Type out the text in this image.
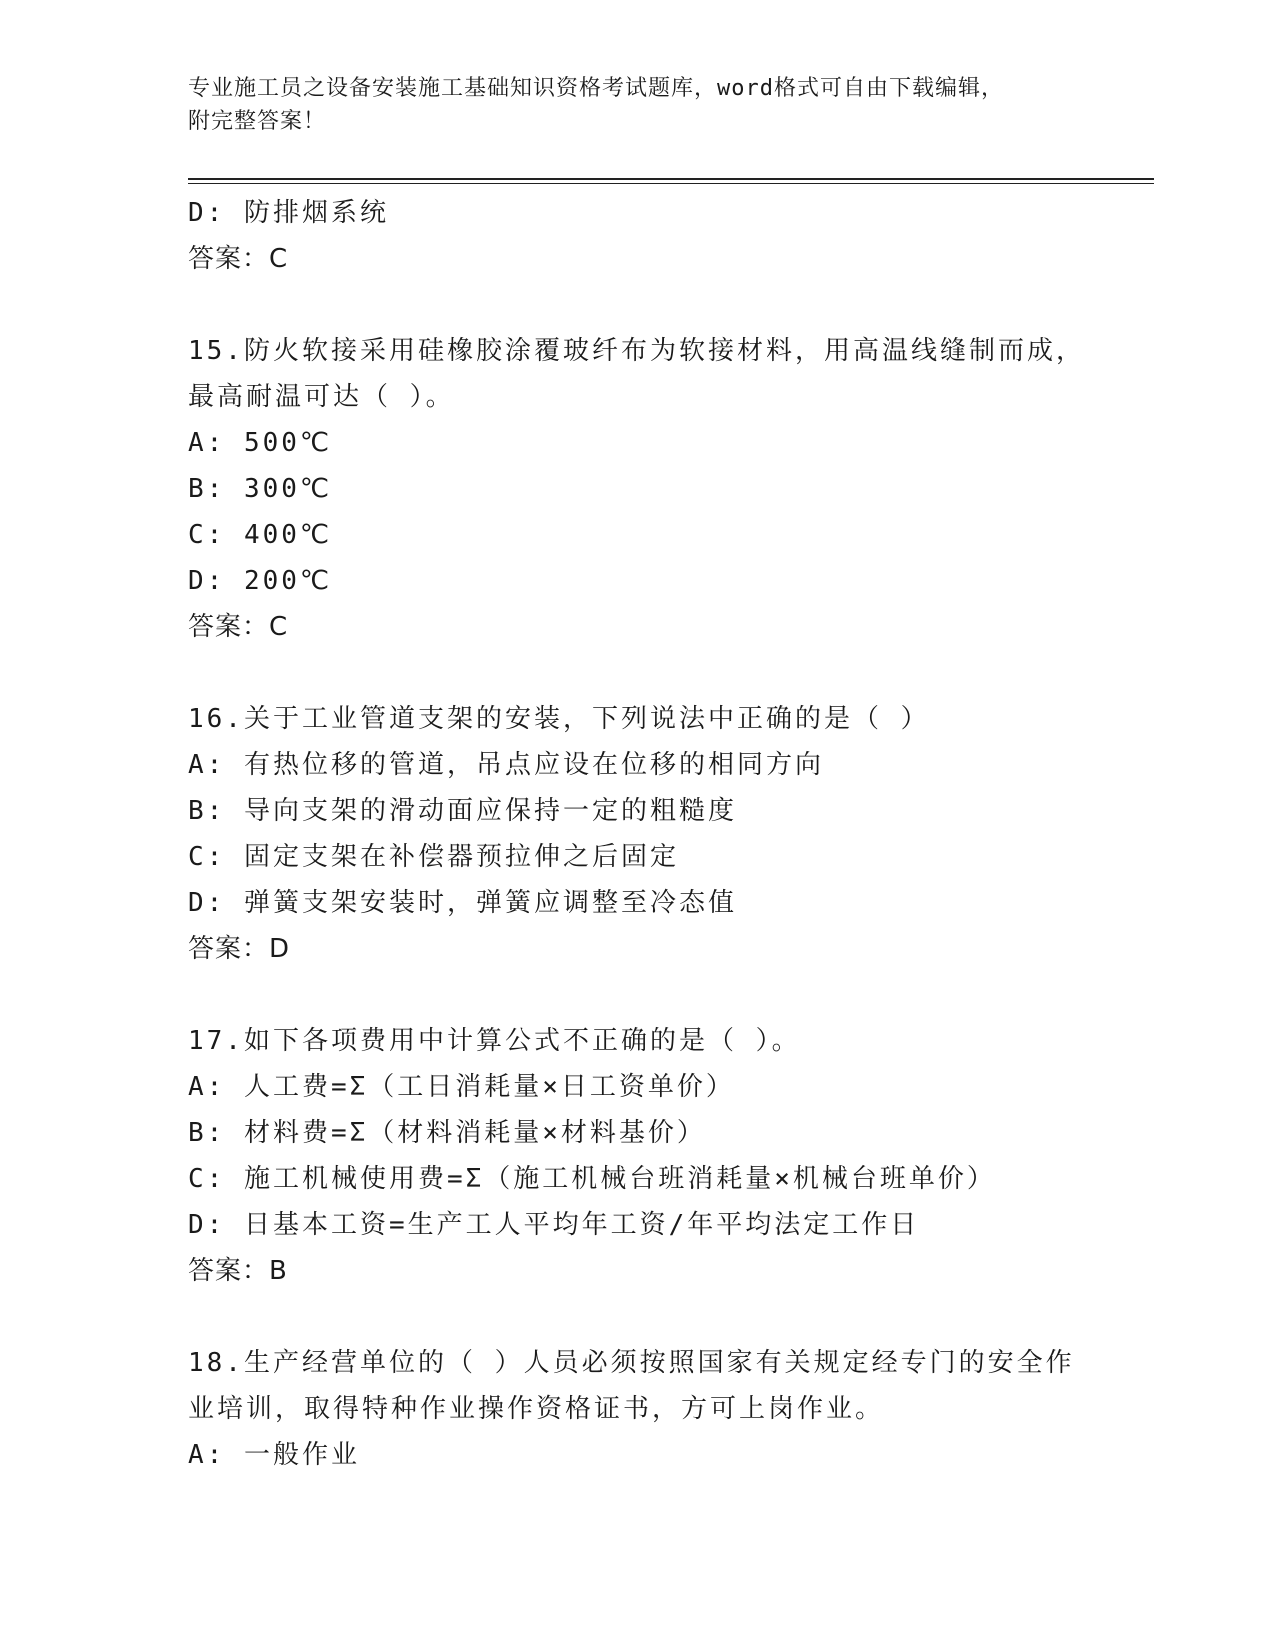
专业施工员之设备安装施工基础知识资格考试题库，word格式可自由下载编辑，
附完整答案！
D: 防排烟系统
答案：C
15.防火软接采用硅橡胶涂覆玻纤布为软接材料，用高温线缝制而成，
最高耐温可达（ ）。
A: 500℃
B: 300℃
C: 400℃
D: 200℃
答案：C
16.关于工业管道支架的安装，下列说法中正确的是（ ）
A: 有热位移的管道，吊点应设在位移的相同方向
B: 导向支架的滑动面应保持一定的粗糙度
C: 固定支架在补偿器预拉伸之后固定
D: 弹簧支架安装时，弹簧应调整至冷态值
答案：D
17.如下各项费用中计算公式不正确的是（ ）。
A: 人工费=Σ（工日消耗量×日工资单价）
B: 材料费=Σ（材料消耗量×材料基价）
C: 施工机械使用费=Σ（施工机械台班消耗量×机械台班单价）
D: 日基本工资=生产工人平均年工资/年平均法定工作日
答案：B
18.生产经营单位的（ ）人员必须按照国家有关规定经专门的安全作
业培训，取得特种作业操作资格证书，方可上岗作业。
A: 一般作业
